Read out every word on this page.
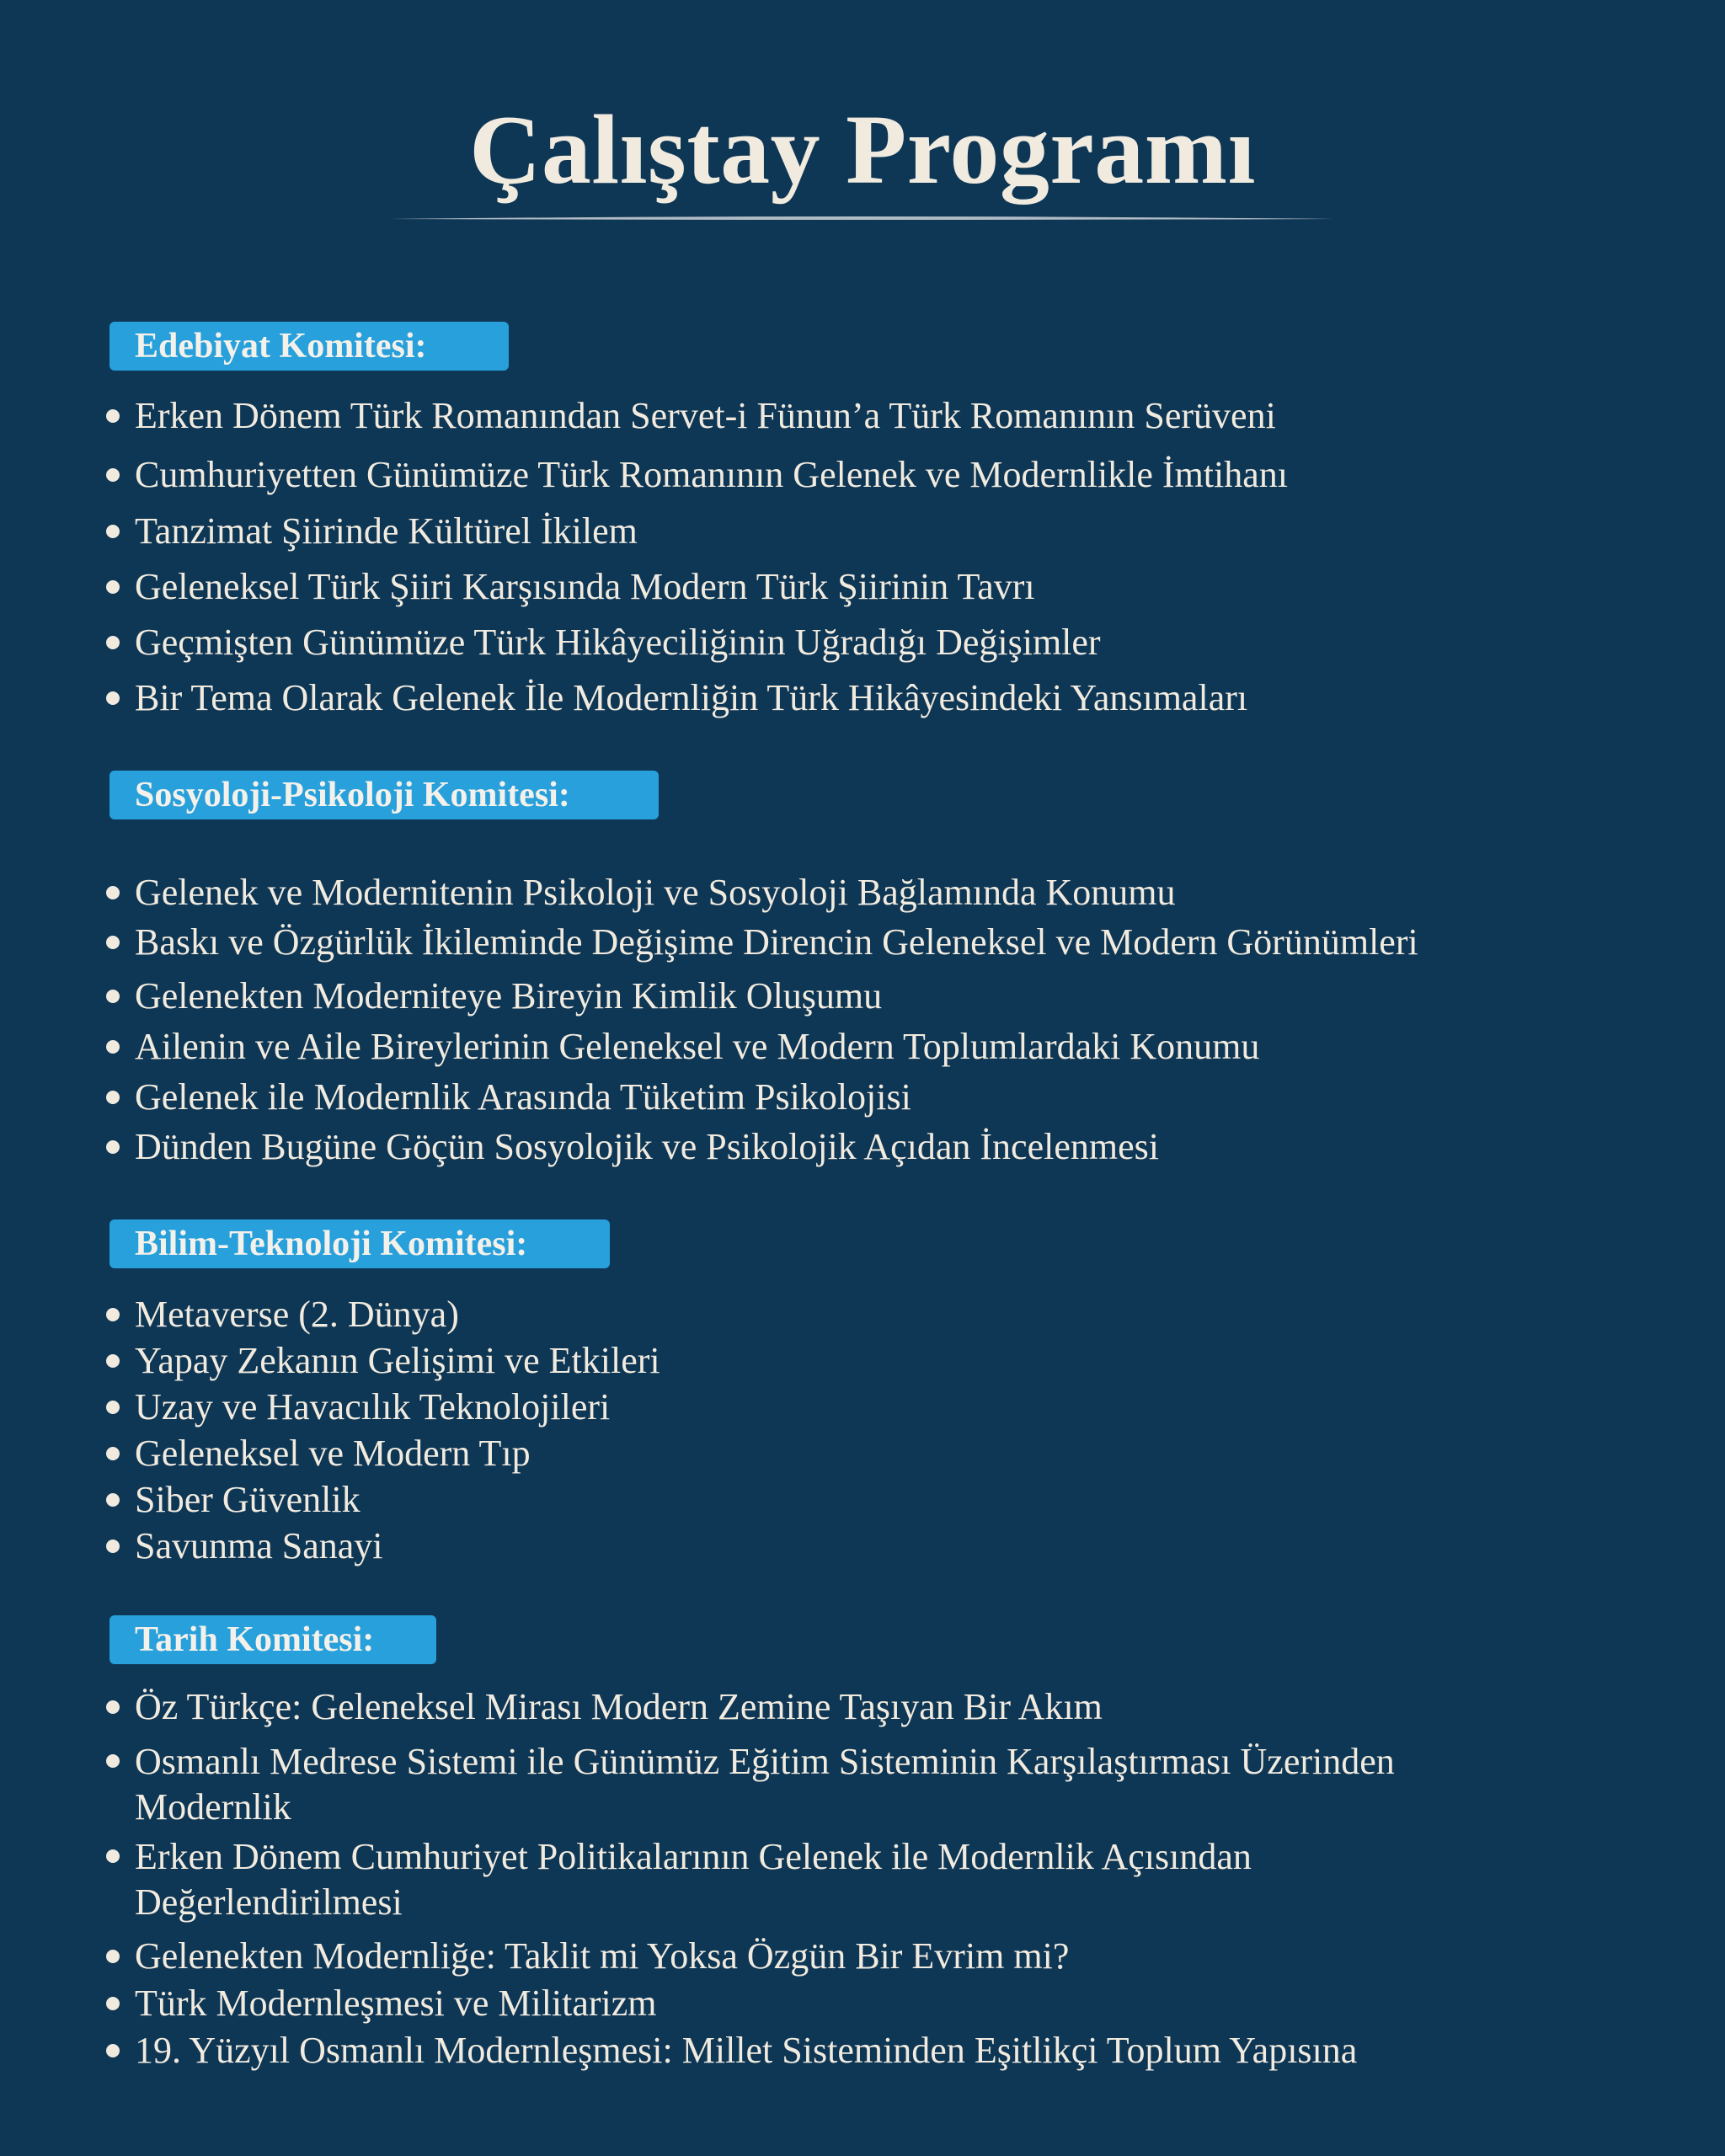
Çalıştay Programı
Edebiyat Komitesi:
Erken Dönem Türk Romanından Servet-i Fünun’a Türk Romanının Serüveni
Cumhuriyetten Günümüze Türk Romanının Gelenek ve Modernlikle İmtihanı
Tanzimat Şiirinde Kültürel İkilem
Geleneksel Türk Şiiri Karşısında Modern Türk Şiirinin Tavrı
Geçmişten Günümüze Türk Hikâyeciliğinin Uğradığı Değişimler
Bir Tema Olarak Gelenek İle Modernliğin Türk Hikâyesindeki Yansımaları
Sosyoloji-Psikoloji Komitesi:
Gelenek ve Modernitenin Psikoloji ve Sosyoloji Bağlamında Konumu
Baskı ve Özgürlük İkileminde Değişime Direncin Geleneksel ve Modern Görünümleri
Gelenekten Moderniteye Bireyin Kimlik Oluşumu
Ailenin ve Aile Bireylerinin Geleneksel ve Modern Toplumlardaki Konumu
Gelenek ile Modernlik Arasında Tüketim Psikolojisi
Dünden Bugüne Göçün Sosyolojik ve Psikolojik Açıdan İncelenmesi
Bilim-Teknoloji Komitesi:
Metaverse (2. Dünya)
Yapay Zekanın Gelişimi ve Etkileri
Uzay ve Havacılık Teknolojileri
Geleneksel ve Modern Tıp
Siber Güvenlik
Savunma Sanayi
Tarih Komitesi:
Öz Türkçe: Geleneksel Mirası Modern Zemine Taşıyan Bir Akım
Osmanlı Medrese Sistemi ile Günümüz Eğitim Sisteminin Karşılaştırması Üzerinden Modernlik
Erken Dönem Cumhuriyet Politikalarının Gelenek ile Modernlik Açısından Değerlendirilmesi
Gelenekten Modernliğe: Taklit mi Yoksa Özgün Bir Evrim mi?
Türk Modernleşmesi ve Militarizm
19. Yüzyıl Osmanlı Modernleşmesi: Millet Sisteminden Eşitlikçi Toplum Yapısına
